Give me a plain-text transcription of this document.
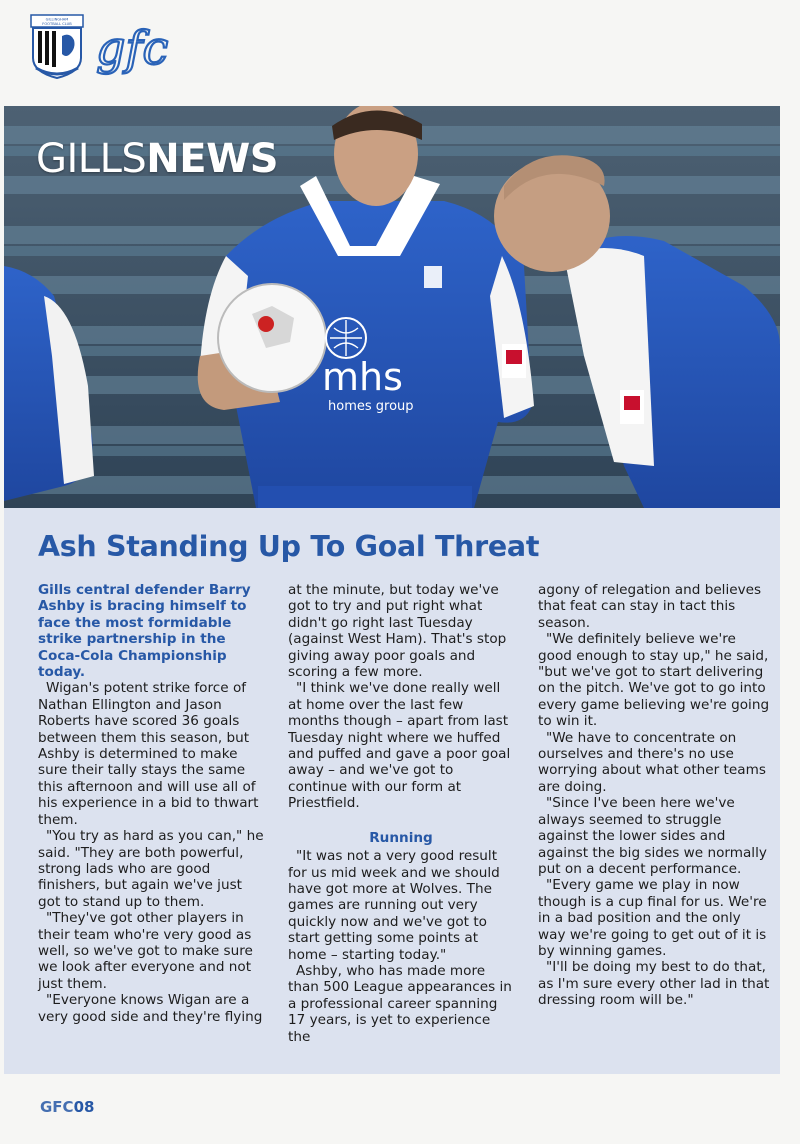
GILLINGHAM
FOOTBALL CLUB gfc
mhs
homes group
GILLSNEWS
Ash Standing Up To Goal Threat

Gills central defender Barry Ashby is bracing himself to face the most formidable strike partnership in the Coca-Cola Championship today.

Wigan's potent strike force of Nathan Ellington and Jason Roberts have scored 36 goals between them this season, but Ashby is determined to make sure their tally stays the same this afternoon and will use all of his experience in a bid to thwart them.

"You try as hard as you can," he said. "They are both powerful, strong lads who are good finishers, but again we've just got to stand up to them.

"They've got other players in their team who're very good as well, so we've got to make sure we look after everyone and not just them.

"Everyone knows Wigan are a very good side and they're flying

at the minute, but today we've got to try and put right what didn't go right last Tuesday (against West Ham). That's stop giving away poor goals and scoring a few more.

"I think we've done really well at home over the last few months though – apart from last Tuesday night where we huffed and puffed and gave a poor goal away – and we've got to continue with our form at Priestfield.

Running

"It was not a very good result for us mid week and we should have got more at Wolves. The games are running out very quickly now and we've got to start getting some points at home – starting today."

Ashby, who has made more than 500 League appearances in a professional career spanning 17 years, is yet to experience the

agony of relegation and believes that feat can stay in tact this season.

"We definitely believe we're good enough to stay up," he said, "but we've got to start delivering on the pitch. We've got to go into every game believing we're going to win it.

"We have to concentrate on ourselves and there's no use worrying about what other teams are doing.

"Since I've been here we've always seemed to struggle against the lower sides and against the big sides we normally put on a decent performance.

"Every game we play in now though is a cup final for us. We're in a bad position and the only way we're going to get out of it is by winning games.

"I'll be doing my best to do that, as I'm sure every other lad in that dressing room will be."

GFC08
